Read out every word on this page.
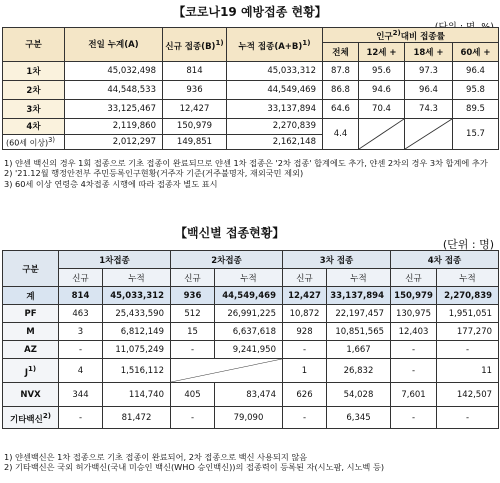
【코로나19 예방접종 현황】
구분	전일 누계(A)	신규 접종$(B)^{1)}$	누적 접종$(A+B)^{1)}$	인구$^{2)}$대비 접종률			
				전체	12세 +	18세 +	60세 +
1차	45,032,498	814	45,033,312	87.8	95.6	97.3	96.4
2차	44,548,533	936	44,549,469	86.8	94.6	96.4	95.8
3차	33,125,467	12,427	33,137,894	64.6	70.4	74.3	89.5
4차	2,119,860	150,979	2,270,839	4.4			15.7
(60세 이상)$^{3)}$	2,012,297	149,851	2,162,148				
1) 얀센 백신의 경우 1회 접종으로 기초 접종이 완료되므로 얀센 1차 접종은 '2차 접종' 합계에도 추가, 얀센 2차의 경우 3차 합계에 추가
2) '21.12월 행정안전부 주민등록인구현황(거주자 기준(거주불명자, 재외국민 제외)
3) 60세 이상 연령층 4차접종 시행에 따라 접종자 별도 표시
【백신별 접종현황】
(단위 : 명)
구분	1차접종		2차접종		3차 접종		4차 접종	
	신규	누적	신규	누적	신규	누적	신규	누적
계	814	45,033,312	936	44,549,469	12,427	33,137,894	150,979	2,270,839
PF	463	25,433,590	512	26,991,225	10,872	22,197,457	130,975	1,951,051
M	3	6,812,149	15	6,637,618	928	10,851,565	12,403	177,270
AZ	-	11,075,249	-	9,241,950	-	1,667	-	-
$J^{1)}$	4	1,516,112			1	26,832	-	11
NVX	344	114,740	405	83,474	626	54,028	7,601	142,507
기타백신$^{2)}$	-	81,472	-	79,090	-	6,345	-	-
1) 얀센백신은 1차 접종으로 기초 접종이 완료되어, 2차 접종으로 백신 사용되지 않음
2) 기타백신은 국외 허가백신(국내 미승인 백신(WHO 승인백신))의 접종력이 등록된 자(시노팜, 시노벡 등)
